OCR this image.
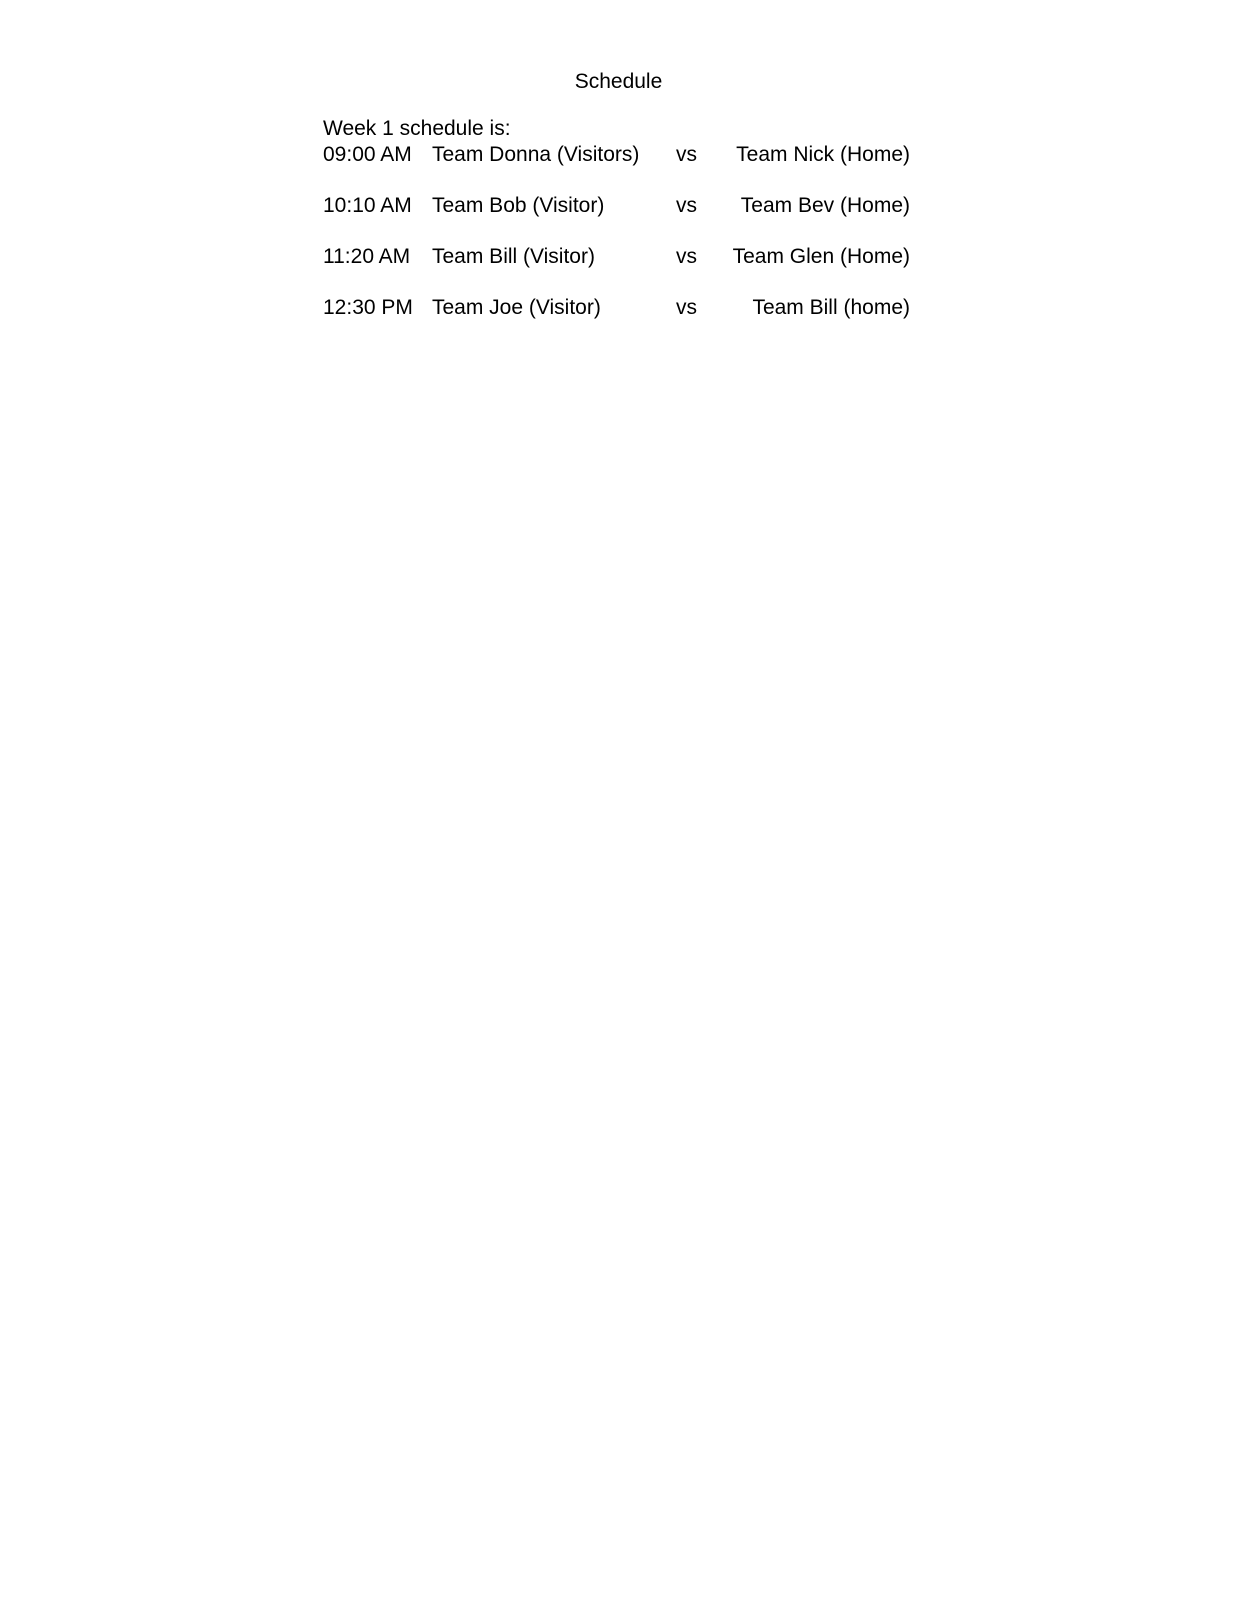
Schedule
Week 1 schedule is:
09:00 AM Team Donna (Visitors) vs Team Nick (Home)
10:10 AM Team Bob (Visitor)	vs Team Bev (Home)
11:20 AM Team Bill (Visitor)	vs Team Glen (Home)
12:30 PM Team Joe (Visitor)	vs	Team Bill (home)
